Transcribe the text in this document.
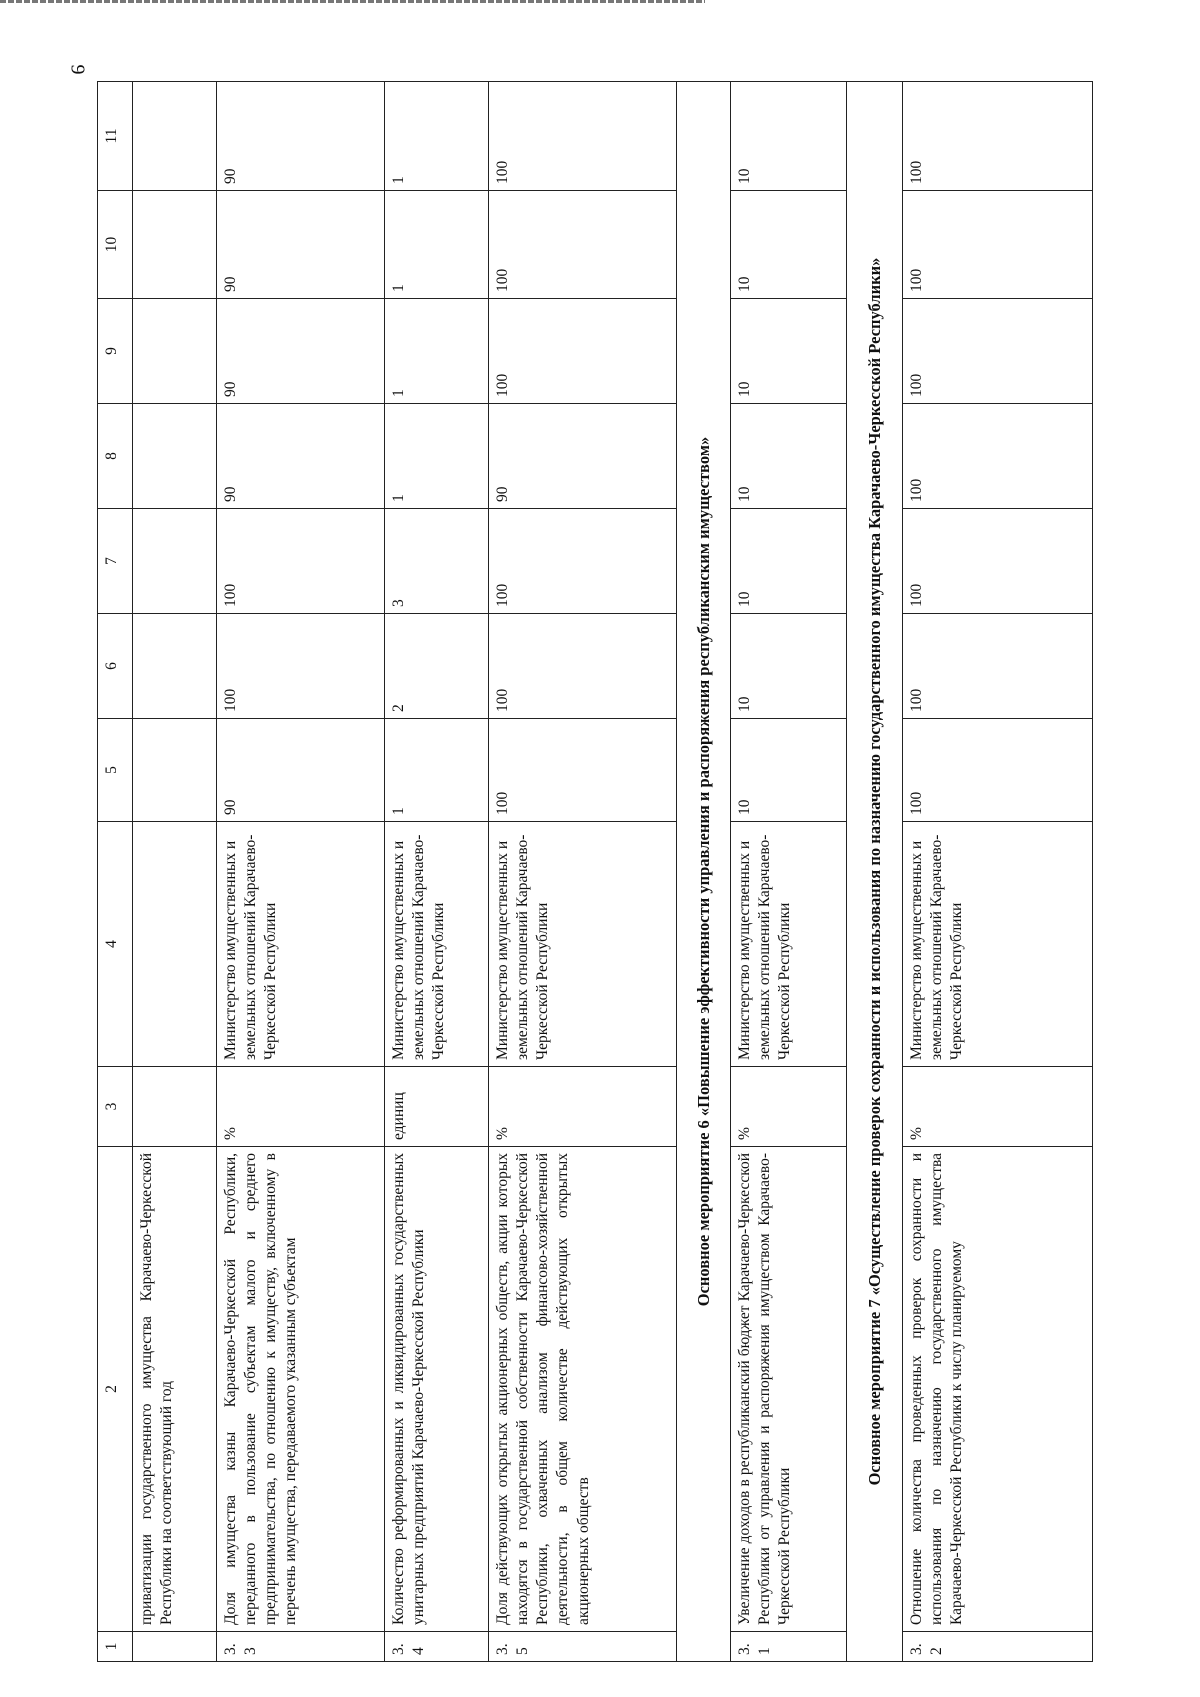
9
1	2	3	4	5	6	7	8	9	10	11
	приватизации государственного имущества Карачаево-Черкесской Республики на соответствующий год									
3.3	Доля имущества казны Карачаево-Черкесской Республики, переданного в пользование субъектам малого и среднего предпринимательства, по отношению к имуществу, включенному в перечень имущества, передаваемого указанным субъектам	%	Министерство имущественных и земельных отношений Карачаево-Черкесской Республики	90	100	100	90	90	90	90
3.4	Количество реформированных и ликвидированных государственных унитарных предприятий Карачаево-Черкесской Республики	единиц	Министерство имущественных и земельных отношений Карачаево-Черкесской Республики	1	2	3	1	1	1	1
3.5	Доля действующих открытых акционерных обществ, акции которых находятся в государственной собственности Карачаево-Черкесской Республики, охваченных анализом финансово-хозяйственной деятельности, в общем количестве действующих открытых акционерных обществ	%	Министерство имущественных и земельных отношений Карачаево-Черкесской Республики	100	100	100	90	100	100	100
Основное мероприятие 6 «Повышение эффективности управления и распоряжения республиканским имуществом»										
3.1	Увеличение доходов в республиканский бюджет Карачаево-Черкесской Республики от управления и распоряжения имуществом Карачаево-Черкесской Республики	%	Министерство имущественных и земельных отношений Карачаево-Черкесской Республики	10	10	10	10	10	10	10
Основное мероприятие 7 «Осуществление проверок сохранности и использования по назначению государственного имущества Карачаево-Черкесской Республики»										
3.2	Отношение количества проведенных проверок сохранности и использования по назначению государственного имущества Карачаево-Черкесской Республики к числу планируемому	%	Министерство имущественных и земельных отношений Карачаево-Черкесской Республики	100	100	100	100	100	100	100
